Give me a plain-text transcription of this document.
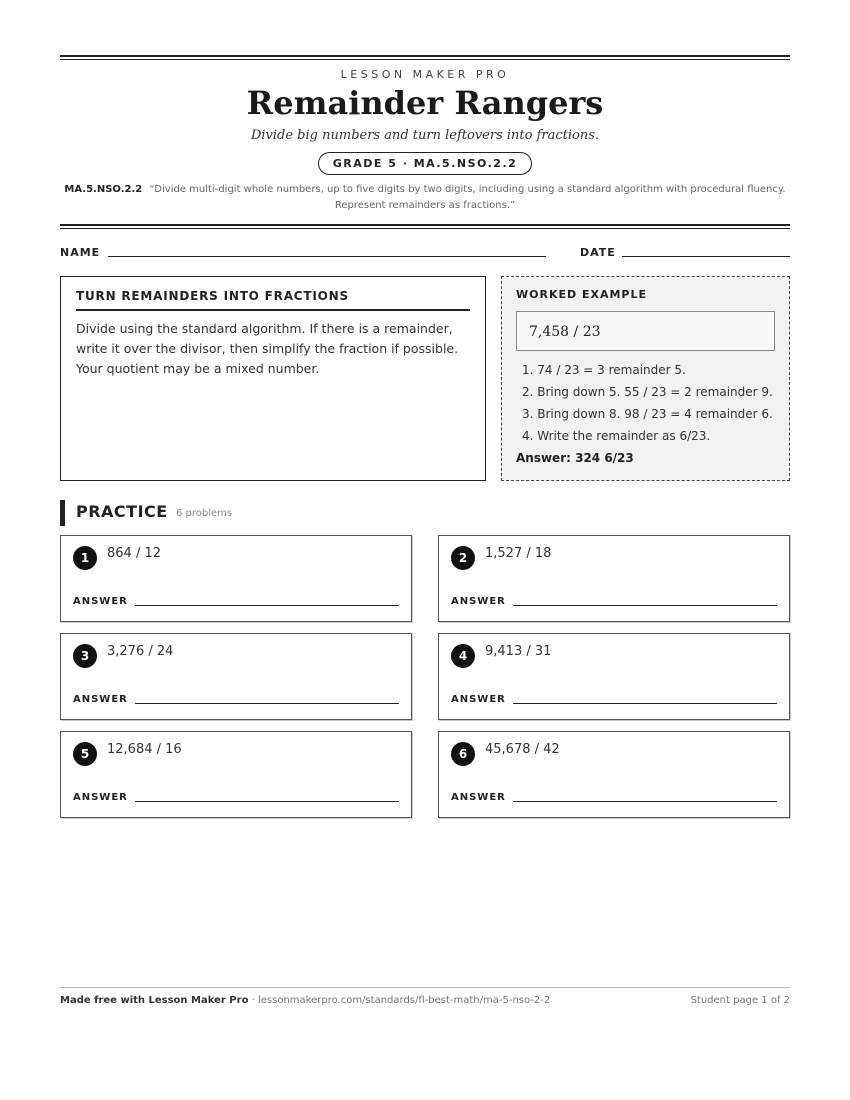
LESSON MAKER PRO
Remainder Rangers
Divide big numbers and turn leftovers into fractions.
GRADE 5 · MA.5.NSO.2.2
MA.5.NSO.2.2 “Divide multi-digit whole numbers, up to five digits by two digits, including using a standard algorithm with procedural fluency. Represent remainders as fractions.”
NAME	DATE
TURN REMAINDERS INTO FRACTIONS
Divide using the standard algorithm. If there is a remainder, write it over the divisor, then simplify the fraction if possible. Your quotient may be a mixed number.
WORKED EXAMPLE
7,458 / 23
1. 74 / 23 = 3 remainder 5.
2. Bring down 5. 55 / 23 = 2 remainder 9.
3. Bring down 8. 98 / 23 = 4 remainder 6.
4. Write the remainder as 6/23.
Answer: 324 6/23
PRACTICE 6 problems
1	864 / 12
ANSWER
2	1,527 / 18
ANSWER
3	3,276 / 24
ANSWER
4	9,413 / 31
ANSWER
5	12,684 / 16
ANSWER
6	45,678 / 42
ANSWER
Made free with Lesson Maker Pro · lessonmakerpro.com/standards/fl-best-math/ma-5-nso-2-2	Student page 1 of 2
